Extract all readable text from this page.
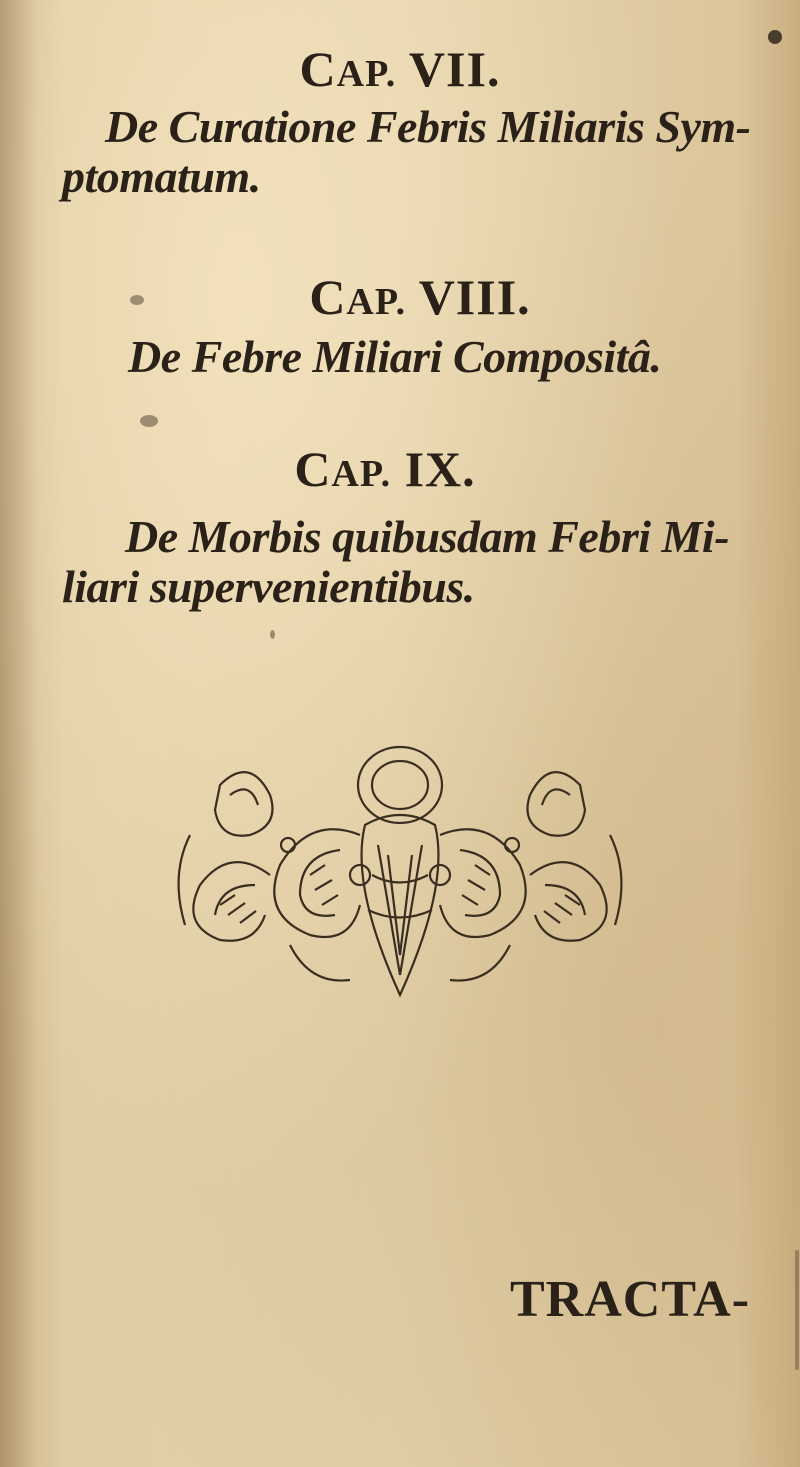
CAP. VII.
De Curatione Febris Miliaris Sym-
ptomatum.
CAP. VIII.
De Febre Miliari Compositâ.
CAP. IX.
De Morbis quibusdam Febri Mi-
liari supervenientibus.
TRACTA-
